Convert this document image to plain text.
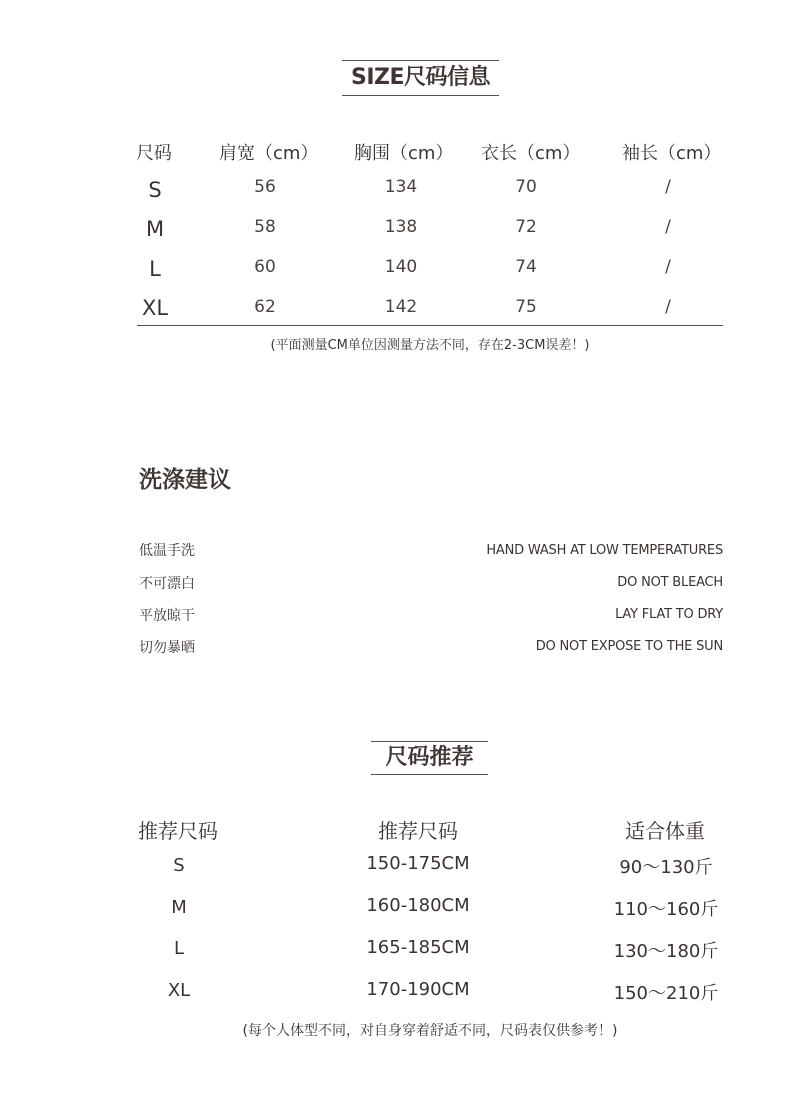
SIZE尺码信息
尺码	肩宽（cm） 胸围（cm） 衣长（cm） 袖长（cm）
S	56	134	70	/
M	58	138	72	/
L	60	140	74	/
XL	62	142	75	/
(平面测量CM单位因测量方法不同，存在2-3CM误差！)
洗涤建议
低温手洗	HAND WASH AT LOW TEMPERATURES
不可漂白	DO NOT BLEACH
平放晾干	LAY FLAT TO DRY
切勿暴晒	DO NOT EXPOSE TO THE SUN
尺码推荐
推荐尺码	推荐尺码	适合体重
S	150-175CM	90～130斤
M	160-180CM	110～160斤
L	165-185CM	130～180斤
XL	170-190CM	150～210斤
(每个人体型不同，对自身穿着舒适不同，尺码表仅供参考！)
